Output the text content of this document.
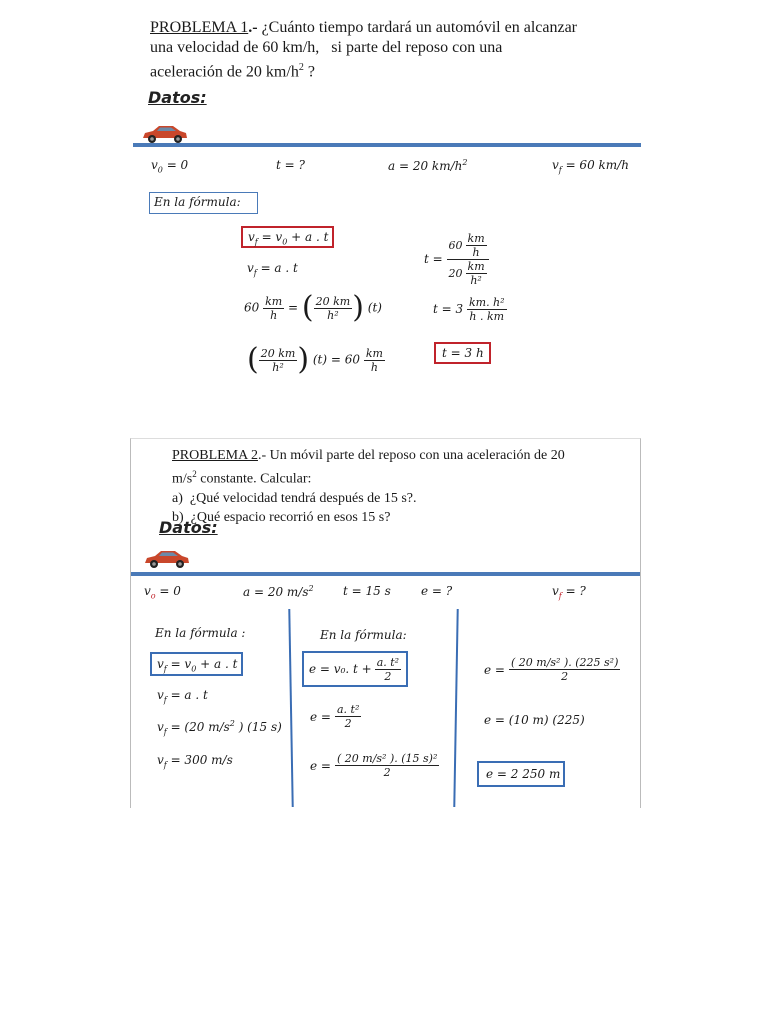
PROBLEMA 1.- ¿Cuánto tiempo tardará un automóvil en alcanzar
una velocidad de 60 km/h,   si parte del reposo con una
aceleración de 20 $km/h^2$ ?
Datos:
$v_0 = 0$	t = ?	a = 20 $km/h^2$	$v_f = 60$ km/h
En la fórmula:
$v_f = v_0 + a$ . t
$v_f = a$ . t
$60 \frac{km}{h}$ = ( $\frac{20 km}{\text{h²}}$ ) (t)
( $\frac{20 km}{\text{h²}}$ ) $(t) = 60 \frac{km}{h}$
t =
$60 \frac{km}{h}$
$20 \frac{km}{\text{h²}}$
$t = 3 \frac{\text{km. h²}}{h . km}$
t = 3 h
PROBLEMA 2.- Un móvil parte del reposo con una aceleración de 20
$m/s^2$ constante. Calcular:
a)  ¿Qué velocidad tendrá después de 15 s?.
b)  ¿Qué espacio recorrió en esos 15 s?
Datos:
$v_o = 0$	a = 20 $m/s^2$ t = 15 s	e = ?	$v_f$ = ?
En la fórmula :
$v_f = v_0 + a$ . t
$v_f = a$ . t
$v_f = (20$ $m/s^2$ ) (15 s)
$v_f = 300$ m/s
En la fórmula:
e = v₀. $t + \frac{\text{a. t²}}{2}$
$e = \frac{\text{a. t²}}{2}$
$e = \frac{\text{( 20 m/s² ). (15 s)²}}{2}$
$e = \frac{\text{( 20 m/s² ). (225 s²)}}{2}$
e = (10 m) (225)
e = 2 250 m
